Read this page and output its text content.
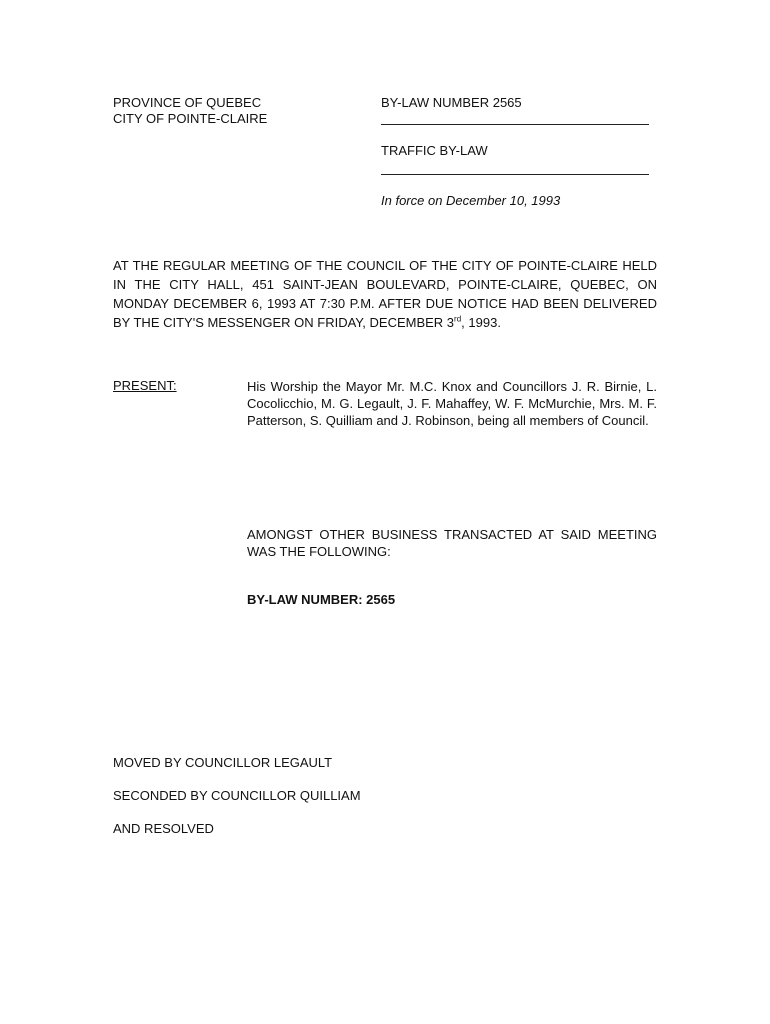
PROVINCE OF QUEBEC
CITY OF POINTE-CLAIRE
BY-LAW NUMBER 2565
TRAFFIC BY-LAW
In force on December 10, 1993
AT THE REGULAR MEETING OF THE COUNCIL OF THE CITY OF POINTE-CLAIRE HELD IN THE CITY HALL, 451 SAINT-JEAN BOULEVARD, POINTE-CLAIRE, QUEBEC, ON MONDAY DECEMBER 6, 1993 AT 7:30 P.M. AFTER DUE NOTICE HAD BEEN DELIVERED BY THE CITY'S MESSENGER ON FRIDAY, DECEMBER 3rd, 1993.
PRESENT:	His Worship the Mayor Mr. M.C. Knox and Councillors J. R. Birnie, L. Cocolicchio, M. G. Legault, J. F. Mahaffey, W. F. McMurchie, Mrs. M. F. Patterson, S. Quilliam and J. Robinson, being all members of Council.
AMONGST OTHER BUSINESS TRANSACTED AT SAID MEETING WAS THE FOLLOWING:
BY-LAW NUMBER: 2565
MOVED BY COUNCILLOR LEGAULT
SECONDED BY COUNCILLOR QUILLIAM
AND RESOLVED
